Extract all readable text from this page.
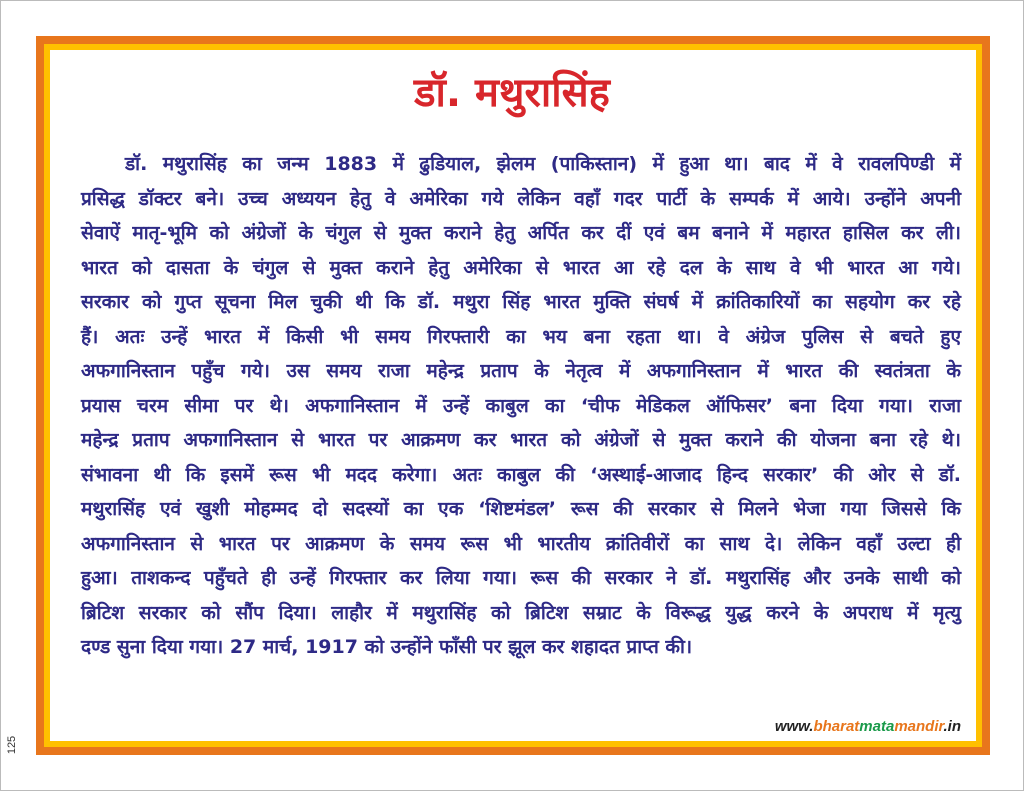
डॉ. मथुरासिंह
डॉ. मथुरासिंह का जन्म 1883 में ढुडियाल, झेलम (पाकिस्तान) में हुआ था। बाद में वे रावलपिण्डी में
प्रसिद्ध डॉक्टर बने। उच्च अध्ययन हेतु वे अमेरिका गये लेकिन वहाँ गदर पार्टी के सम्पर्क में आये। उन्होंने अपनी
सेवाऐं मातृ-भूमि को अंग्रेजों के चंगुल से मुक्त कराने हेतु अर्पित कर दीं एवं बम बनाने में महारत हासिल कर ली।
भारत को दासता के चंगुल से मुक्त कराने हेतु अमेरिका से भारत आ रहे दल के साथ वे भी भारत आ गये।
सरकार को गुप्त सूचना मिल चुकी थी कि डॉ. मथुरा सिंह भारत मुक्ति संघर्ष में क्रांतिकारियों का सहयोग कर रहे
हैं। अतः उन्हें भारत में किसी भी समय गिरफ्तारी का भय बना रहता था। वे अंग्रेज पुलिस से बचते हुए
अफगानिस्तान पहुँच गये। उस समय राजा महेन्द्र प्रताप के नेतृत्व में अफगानिस्तान में भारत की स्वतंत्रता के
प्रयास चरम सीमा पर थे। अफगानिस्तान में उन्हें काबुल का ‘चीफ मेडिकल ऑफिसर’ बना दिया गया। राजा
महेन्द्र प्रताप अफगानिस्तान से भारत पर आक्रमण कर भारत को अंग्रेजों से मुक्त कराने की योजना बना रहे थे।
संभावना थी कि इसमें रूस भी मदद करेगा। अतः काबुल की ‘अस्थाई-आजाद हिन्द सरकार’ की ओर से डॉ.
मथुरासिंह एवं खुशी मोहम्मद दो सदस्यों का एक ‘शिष्टमंडल’ रूस की सरकार से मिलने भेजा गया जिससे कि
अफगानिस्तान से भारत पर आक्रमण के समय रूस भी भारतीय क्रांतिवीरों का साथ दे। लेकिन वहाँ उल्टा ही
हुआ। ताशकन्द पहुँचते ही उन्हें गिरफ्तार कर लिया गया। रूस की सरकार ने डॉ. मथुरासिंह और उनके साथी को
ब्रिटिश सरकार को सौंप दिया। लाहौर में मथुरासिंह को ब्रिटिश सम्राट के विरूद्ध युद्ध करने के अपराध में मृत्यु
दण्ड सुना दिया गया। 27 मार्च, 1917 को उन्होंने फाँसी पर झूल कर शहादत प्राप्त की।
www.bharatmatamandir.in
125
